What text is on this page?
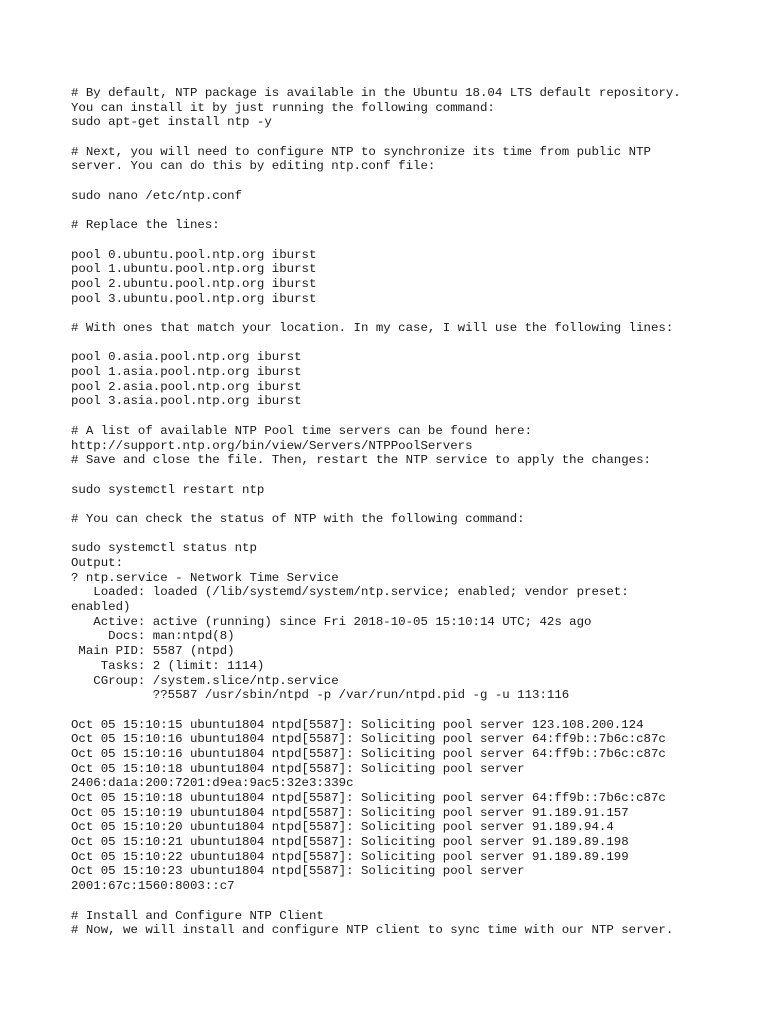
# By default, NTP package is available in the Ubuntu 18.04 LTS default repository.
You can install it by just running the following command:
sudo apt-get install ntp -y
# Next, you will need to configure NTP to synchronize its time from public NTP
server. You can do this by editing ntp.conf file:
sudo nano /etc/ntp.conf
# Replace the lines:
pool 0.ubuntu.pool.ntp.org iburst
pool 1.ubuntu.pool.ntp.org iburst
pool 2.ubuntu.pool.ntp.org iburst
pool 3.ubuntu.pool.ntp.org iburst
# With ones that match your location. In my case, I will use the following lines:
pool 0.asia.pool.ntp.org iburst
pool 1.asia.pool.ntp.org iburst
pool 2.asia.pool.ntp.org iburst
pool 3.asia.pool.ntp.org iburst
# A list of available NTP Pool time servers can be found here:
http://support.ntp.org/bin/view/Servers/NTPPoolServers
# Save and close the file. Then, restart the NTP service to apply the changes:
sudo systemctl restart ntp
# You can check the status of NTP with the following command:
sudo systemctl status ntp
Output:
? ntp.service - Network Time Service
Loaded: loaded (/lib/systemd/system/ntp.service; enabled; vendor preset:
enabled)
Active: active (running) since Fri 2018-10-05 15:10:14 UTC; 42s ago
Docs: man:ntpd(8)
Main PID: 5587 (ntpd)
Tasks: 2 (limit: 1114)
CGroup: /system.slice/ntp.service
??5587 /usr/sbin/ntpd -p /var/run/ntpd.pid -g -u 113:116
Oct 05 15:10:15 ubuntu1804 ntpd[5587]: Soliciting pool server 123.108.200.124
Oct 05 15:10:16 ubuntu1804 ntpd[5587]: Soliciting pool server 64:ff9b::7b6c:c87c
Oct 05 15:10:16 ubuntu1804 ntpd[5587]: Soliciting pool server 64:ff9b::7b6c:c87c
Oct 05 15:10:18 ubuntu1804 ntpd[5587]: Soliciting pool server
2406:da1a:200:7201:d9ea:9ac5:32e3:339c
Oct 05 15:10:18 ubuntu1804 ntpd[5587]: Soliciting pool server 64:ff9b::7b6c:c87c
Oct 05 15:10:19 ubuntu1804 ntpd[5587]: Soliciting pool server 91.189.91.157
Oct 05 15:10:20 ubuntu1804 ntpd[5587]: Soliciting pool server 91.189.94.4
Oct 05 15:10:21 ubuntu1804 ntpd[5587]: Soliciting pool server 91.189.89.198
Oct 05 15:10:22 ubuntu1804 ntpd[5587]: Soliciting pool server 91.189.89.199
Oct 05 15:10:23 ubuntu1804 ntpd[5587]: Soliciting pool server
2001:67c:1560:8003::c7
# Install and Configure NTP Client
# Now, we will install and configure NTP client to sync time with our NTP server.
